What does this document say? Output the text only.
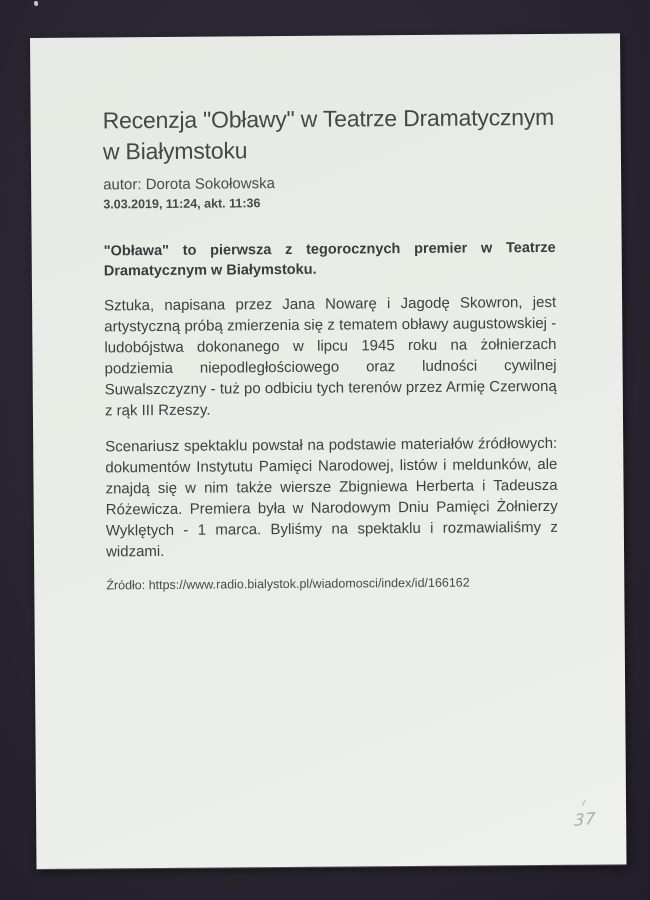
Recenzja "Obławy" w Teatrze Dramatycznym
w Białymstoku

autor: Dorota Sokołowska

3.03.2019, 11:24, akt. 11:36

"Obława" to pierwsza z tegorocznych premier w Teatrze Dramatycznym w Białymstoku.

Sztuka, napisana przez Jana Nowarę i Jagodę Skowron, jest artystyczną próbą zmierzenia się z tematem obławy augustowskiej - ludobójstwa dokonanego w lipcu 1945 roku na żołnierzach podziemia niepodległościowego oraz ludności cywilnej Suwalszczyzny - tuż po odbiciu tych terenów przez Armię Czerwoną z rąk III Rzeszy.

Scenariusz spektaklu powstał na podstawie materiałów źródłowych: dokumentów Instytutu Pamięci Narodowej, listów i meldunków, ale znajdą się w nim także wiersze Zbigniewa Herberta i Tadeusza Różewicza. Premiera była w Narodowym Dniu Pamięci Żołnierzy Wyklętych - 1 marca. Byliśmy na spektaklu i rozmawialiśmy z widzami.

Źródło: https://www.radio.bialystok.pl/wiadomosci/index/id/166162

37
